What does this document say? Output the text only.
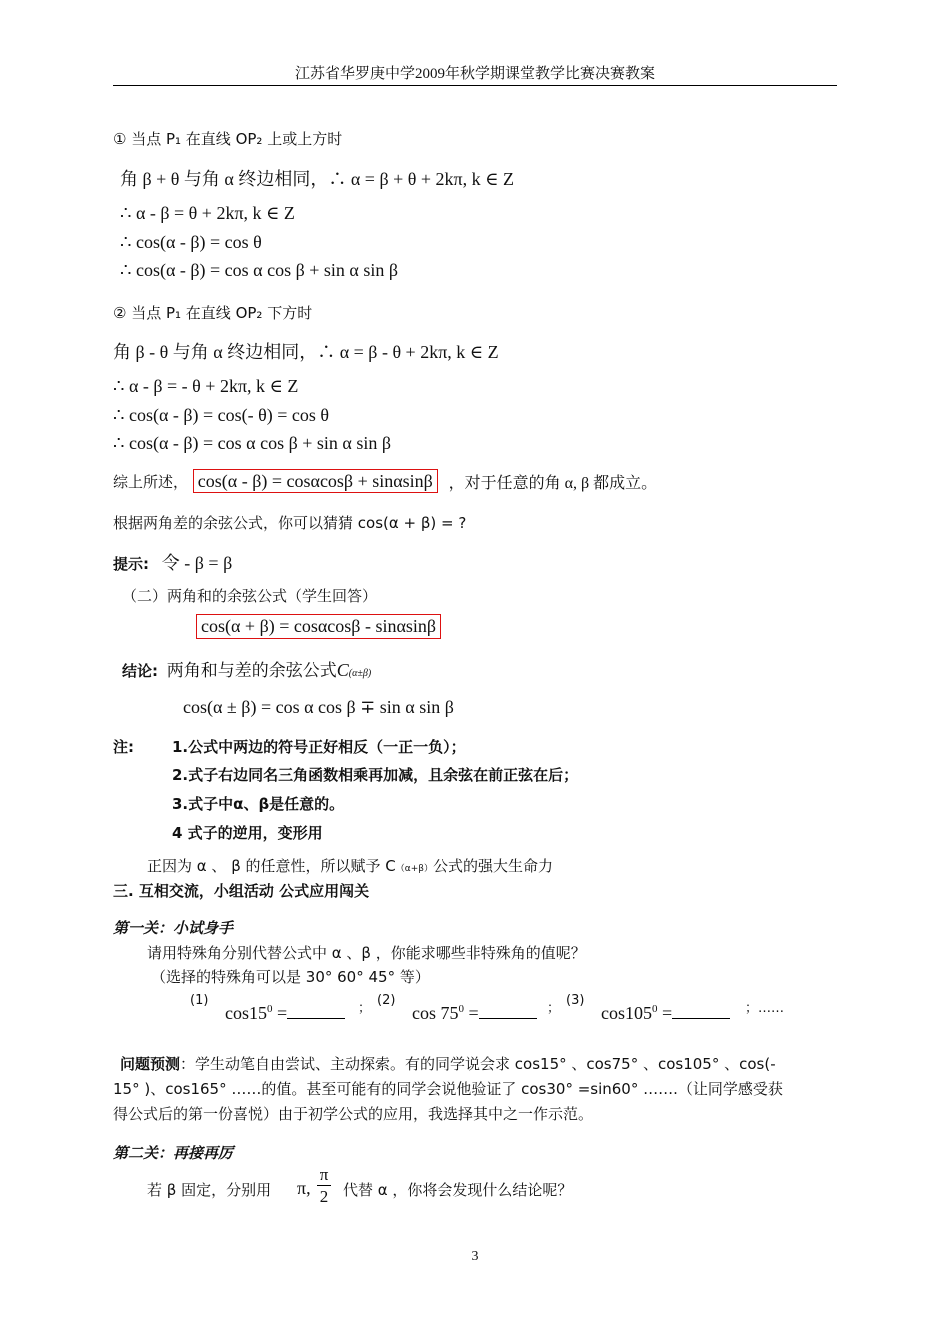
江苏省华罗庚中学2009年秋学期课堂教学比赛决赛教案
① 当点 P₁ 在直线 OP₂ 上或上方时
角 β + θ 与角 α 终边相同，∴ α = β + θ + 2kπ, k ∈ Z
∴ α - β = θ + 2kπ, k ∈ Z
∴ cos(α - β) = cos θ
∴ cos(α - β) = cos α cos β + sin α sin β
② 当点 P₁ 在直线 OP₂ 下方时
角 β - θ 与角 α 终边相同，∴ α = β - θ + 2kπ, k ∈ Z
∴ α - β = - θ + 2kπ, k ∈ Z
∴ cos(α - β) = cos(- θ) = cos θ
∴ cos(α - β) = cos α cos β + sin α sin β
综上所述， cos(α - β) = cosαcosβ + sinαsinβ ，对于任意的角 α, β 都成立。
根据两角差的余弦公式，你可以猜猜 cos(α + β) = ?
提示: 令 - β = β
（二）两角和的余弦公式（学生回答）
cos(α + β) = cosαcosβ - sinαsinβ
结论: 两角和与差的余弦公式C(α±β)
cos(α ± β) = cos α cos β ∓ sin α sin β
注:	1.公式中两边的符号正好相反（一正一负）；
2.式子右边同名三角函数相乘再加减，且余弦在前正弦在后；
3.式子中α、β是任意的。
4 式子的逆用，变形用
正因为 α 、 β 的任意性，所以赋予 C（α+β）公式的强大生命力
三. 互相交流，小组活动 公式应用闯关
第一关：小试身手
请用特殊角分别代替公式中 α 、β ，你能求哪些非特殊角的值呢？
（选择的特殊角可以是 30° 60° 45° 等）
(1)
$\cos 15^0$ =	；
(2)
$\cos 75^0$ =	；
(3)
$\cos 105^0$ =	；……
问题预测：学生动笔自由尝试、主动探索。有的同学说会求 cos15° 、cos75° 、cos105° 、cos(-
15° )、cos165° ……的值。甚至可能有的同学会说他验证了 cos30° =sin60° …….（让同学感受获
得公式后的第一份喜悦）由于初学公式的应用，我选择其中之一作示范。
第二关：再接再厉
若 β 固定，分别用 π,
π
2 代替 α ，你将会发现什么结论呢？
3
